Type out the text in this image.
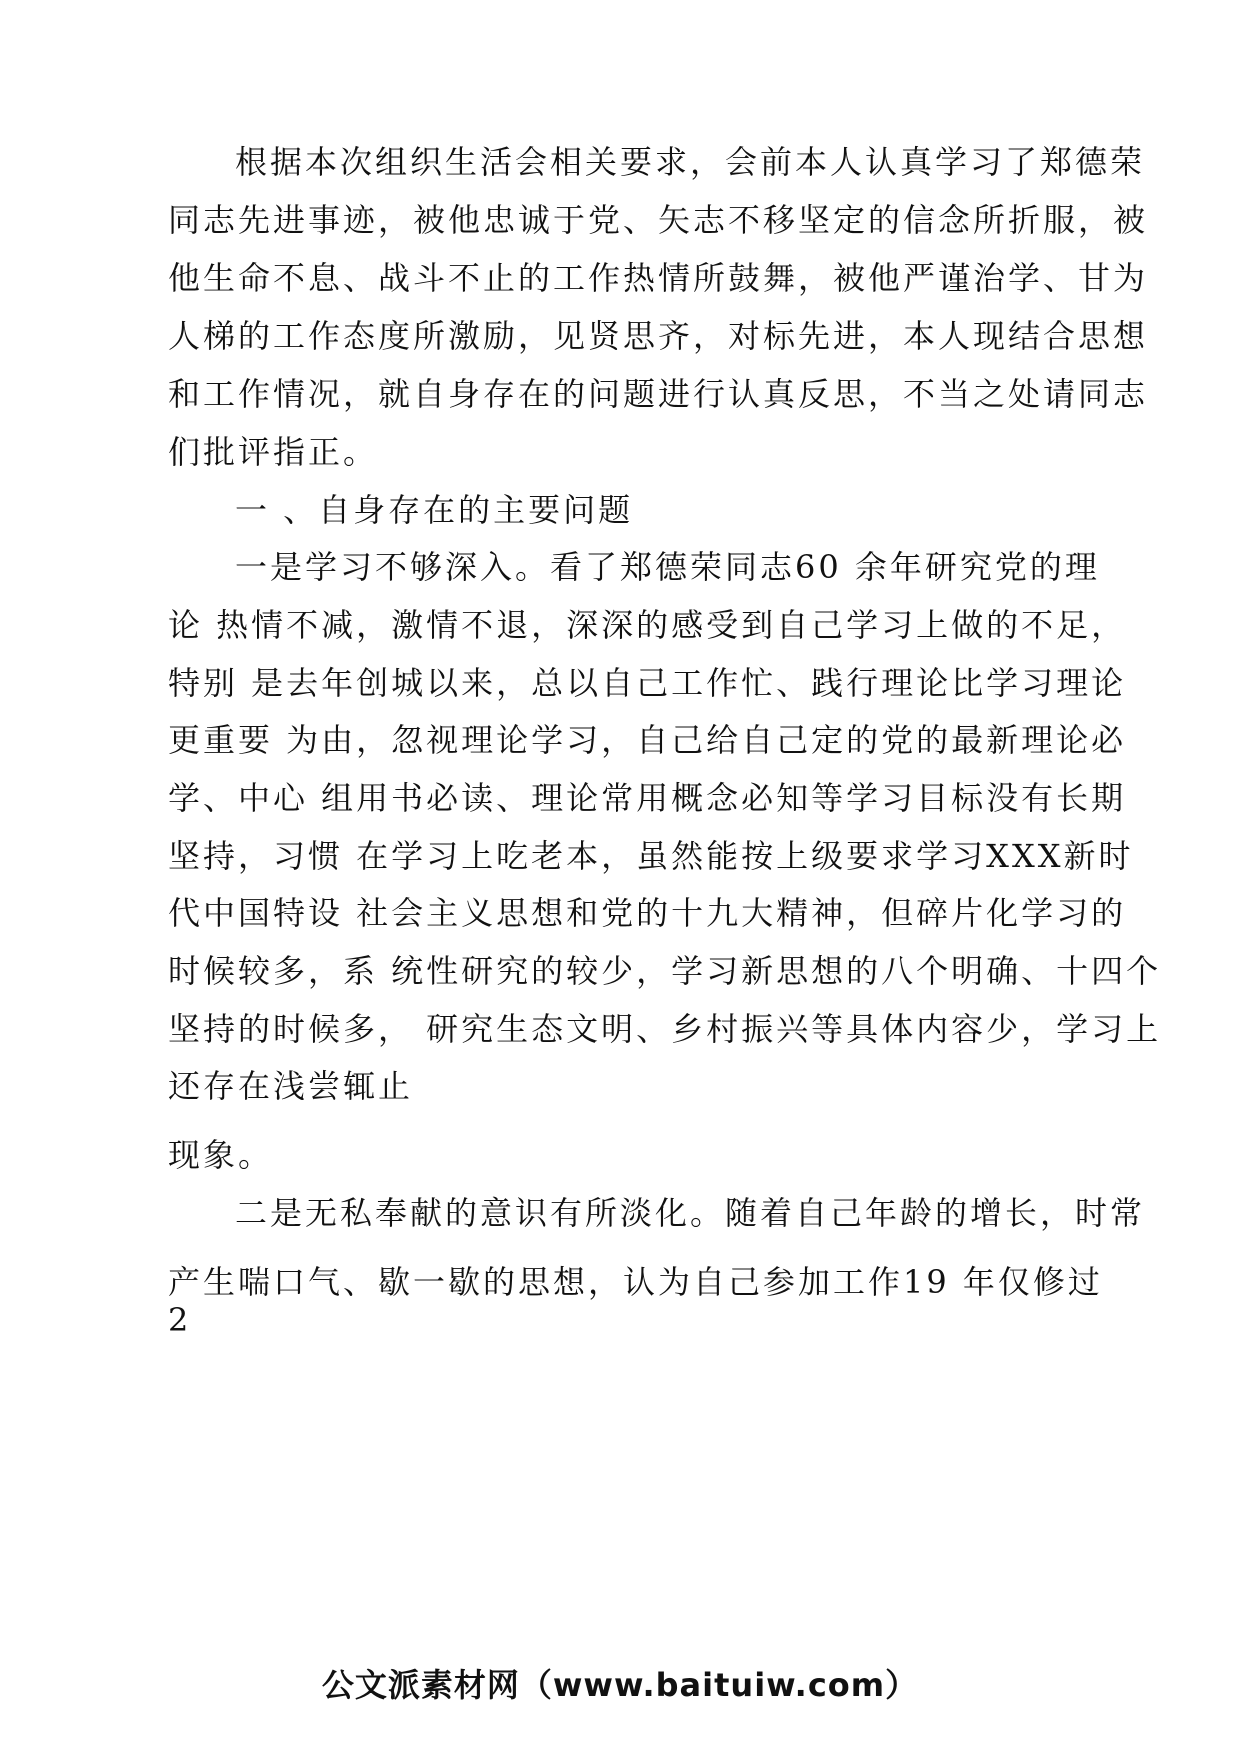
根据本次组织生活会相关要求，会前本人认真学习了郑德荣
同志先进事迹，被他忠诚于党、矢志不移坚定的信念所折服，被
他生命不息、战斗不止的工作热情所鼓舞，被他严谨治学、甘为
人梯的工作态度所激励，见贤思齐，对标先进，本人现结合思想
和工作情况，就自身存在的问题进行认真反思，不当之处请同志
们批评指正。
一 、自身存在的主要问题
一是学习不够深入。看了郑德荣同志60 余年研究党的理
论 热情不减，激情不退，深深的感受到自己学习上做的不足，
特别 是去年创城以来，总以自己工作忙、践行理论比学习理论
更重要 为由，忽视理论学习，自己给自己定的党的最新理论必
学、中心 组用书必读、理论常用概念必知等学习目标没有长期
坚持，习惯 在学习上吃老本，虽然能按上级要求学习XXX新时
代中国特设 社会主义思想和党的十九大精神，但碎片化学习的
时候较多，系 统性研究的较少，学习新思想的八个明确、十四个
坚持的时候多， 研究生态文明、乡村振兴等具体内容少，学习上
还存在浅尝辄止
现象。
二是无私奉献的意识有所淡化。随着自己年龄的增长，时常
产生喘口气、歇一歇的思想，认为自己参加工作19 年仅修过
2
公文派素材网（www.baituiw.com）
